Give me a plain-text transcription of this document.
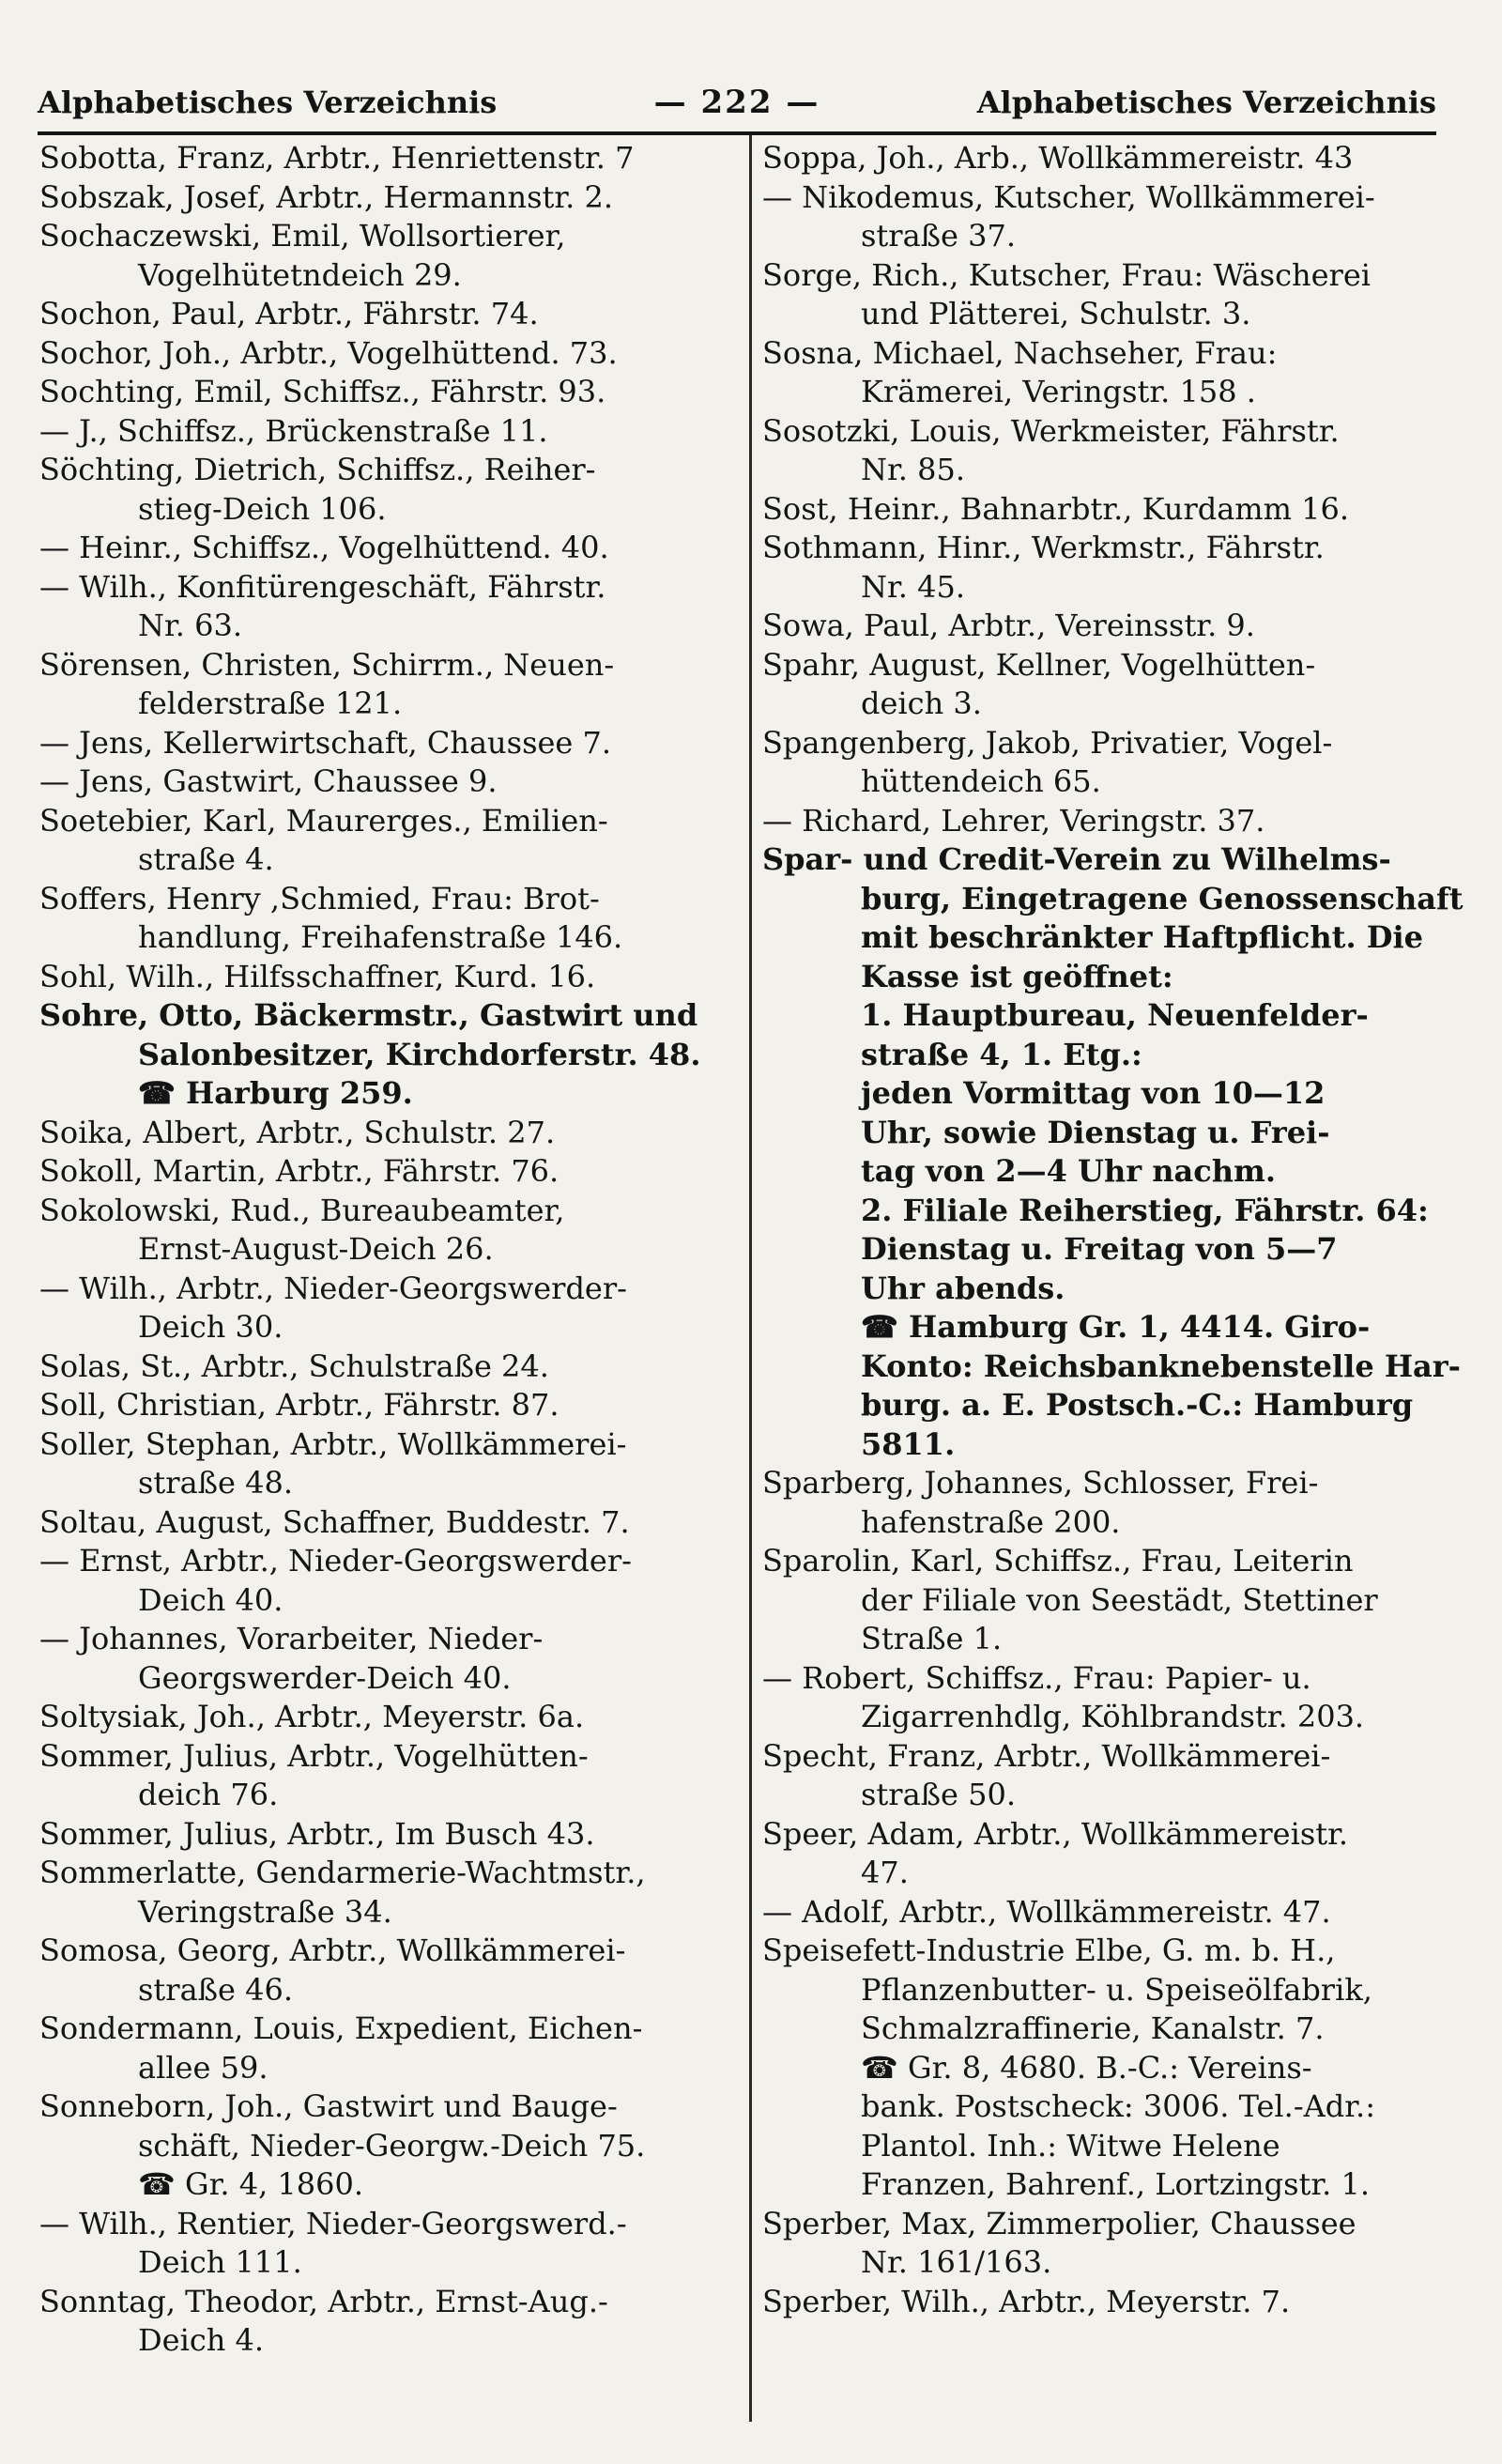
Alphabetisches Verzeichnis	— 222 —	Alphabetisches Verzeichnis
Sobotta, Franz, Arbtr., Henriettenstr. 7
Sobszak, Josef, Arbtr., Hermannstr. 2.
Sochaczewski, Emil, Wollsortierer,
Vogelhütetndeich 29.
Sochon, Paul, Arbtr., Fährstr. 74.
Sochor, Joh., Arbtr., Vogelhüttend. 73.
Sochting, Emil, Schiffsz., Fährstr. 93.
— J., Schiffsz., Brückenstraße 11.
Söchting, Dietrich, Schiffsz., Reiher-
stieg-Deich 106.
— Heinr., Schiffsz., Vogelhüttend. 40.
— Wilh., Konfitürengeschäft, Fährstr.
Nr. 63.
Sörensen, Christen, Schirrm., Neuen-
felderstraße 121.
— Jens, Kellerwirtschaft, Chaussee 7.
— Jens, Gastwirt, Chaussee 9.
Soetebier, Karl, Maurerges., Emilien-
straße 4.
Soffers, Henry ,Schmied, Frau: Brot-
handlung, Freihafenstraße 146.
Sohl, Wilh., Hilfsschaffner, Kurd. 16.
Sohre, Otto, Bäckermstr., Gastwirt und
Salonbesitzer, Kirchdorferstr. 48.
☎ Harburg 259.
Soika, Albert, Arbtr., Schulstr. 27.
Sokoll, Martin, Arbtr., Fährstr. 76.
Sokolowski, Rud., Bureaubeamter,
Ernst-August-Deich 26.
— Wilh., Arbtr., Nieder-Georgswerder-
Deich 30.
Solas, St., Arbtr., Schulstraße 24.
Soll, Christian, Arbtr., Fährstr. 87.
Soller, Stephan, Arbtr., Wollkämmerei-
straße 48.
Soltau, August, Schaffner, Buddestr. 7.
— Ernst, Arbtr., Nieder-Georgswerder-
Deich 40.
— Johannes, Vorarbeiter, Nieder-
Georgswerder-Deich 40.
Soltysiak, Joh., Arbtr., Meyerstr. 6a.
Sommer, Julius, Arbtr., Vogelhütten-
deich 76.
Sommer, Julius, Arbtr., Im Busch 43.
Sommerlatte, Gendarmerie-Wachtmstr.,
Veringstraße 34.
Somosa, Georg, Arbtr., Wollkämmerei-
straße 46.
Sondermann, Louis, Expedient, Eichen-
allee 59.
Sonneborn, Joh., Gastwirt und Bauge-
schäft, Nieder-Georgw.-Deich 75.
☎ Gr. 4, 1860.
— Wilh., Rentier, Nieder-Georgswerd.-
Deich 111.
Sonntag, Theodor, Arbtr., Ernst-Aug.-
Deich 4.
Soppa, Joh., Arb., Wollkämmereistr. 43
— Nikodemus, Kutscher, Wollkämmerei-
straße 37.
Sorge, Rich., Kutscher, Frau: Wäscherei
und Plätterei, Schulstr. 3.
Sosna, Michael, Nachseher, Frau:
Krämerei, Veringstr. 158 .
Sosotzki, Louis, Werkmeister, Fährstr.
Nr. 85.
Sost, Heinr., Bahnarbtr., Kurdamm 16.
Sothmann, Hinr., Werkmstr., Fährstr.
Nr. 45.
Sowa, Paul, Arbtr., Vereinsstr. 9.
Spahr, August, Kellner, Vogelhütten-
deich 3.
Spangenberg, Jakob, Privatier, Vogel-
hüttendeich 65.
— Richard, Lehrer, Veringstr. 37.
Spar- und Credit-Verein zu Wilhelms-
burg, Eingetragene Genossenschaft
mit beschränkter Haftpflicht. Die
Kasse ist geöffnet:
1. Hauptbureau, Neuenfelder-
straße 4, 1. Etg.:
jeden Vormittag von 10—12
Uhr, sowie Dienstag u. Frei-
tag von 2—4 Uhr nachm.
2. Filiale Reiherstieg, Fährstr. 64:
Dienstag u. Freitag von 5—7
Uhr abends.
☎ Hamburg Gr. 1, 4414. Giro-
Konto: Reichsbanknebenstelle Har-
burg. a. E. Postsch.-C.: Hamburg
5811.
Sparberg, Johannes, Schlosser, Frei-
hafenstraße 200.
Sparolin, Karl, Schiffsz., Frau, Leiterin
der Filiale von Seestädt, Stettiner
Straße 1.
— Robert, Schiffsz., Frau: Papier- u.
Zigarrenhdlg, Köhlbrandstr. 203.
Specht, Franz, Arbtr., Wollkämmerei-
straße 50.
Speer, Adam, Arbtr., Wollkämmereistr.
47.
— Adolf, Arbtr., Wollkämmereistr. 47.
Speisefett-Industrie Elbe, G. m. b. H.,
Pflanzenbutter- u. Speiseölfabrik,
Schmalzraffinerie, Kanalstr. 7.
☎ Gr. 8, 4680. B.-C.: Vereins-
bank. Postscheck: 3006. Tel.-Adr.:
Plantol. Inh.: Witwe Helene
Franzen, Bahrenf., Lortzingstr. 1.
Sperber, Max, Zimmerpolier, Chaussee
Nr. 161/163.
Sperber, Wilh., Arbtr., Meyerstr. 7.
